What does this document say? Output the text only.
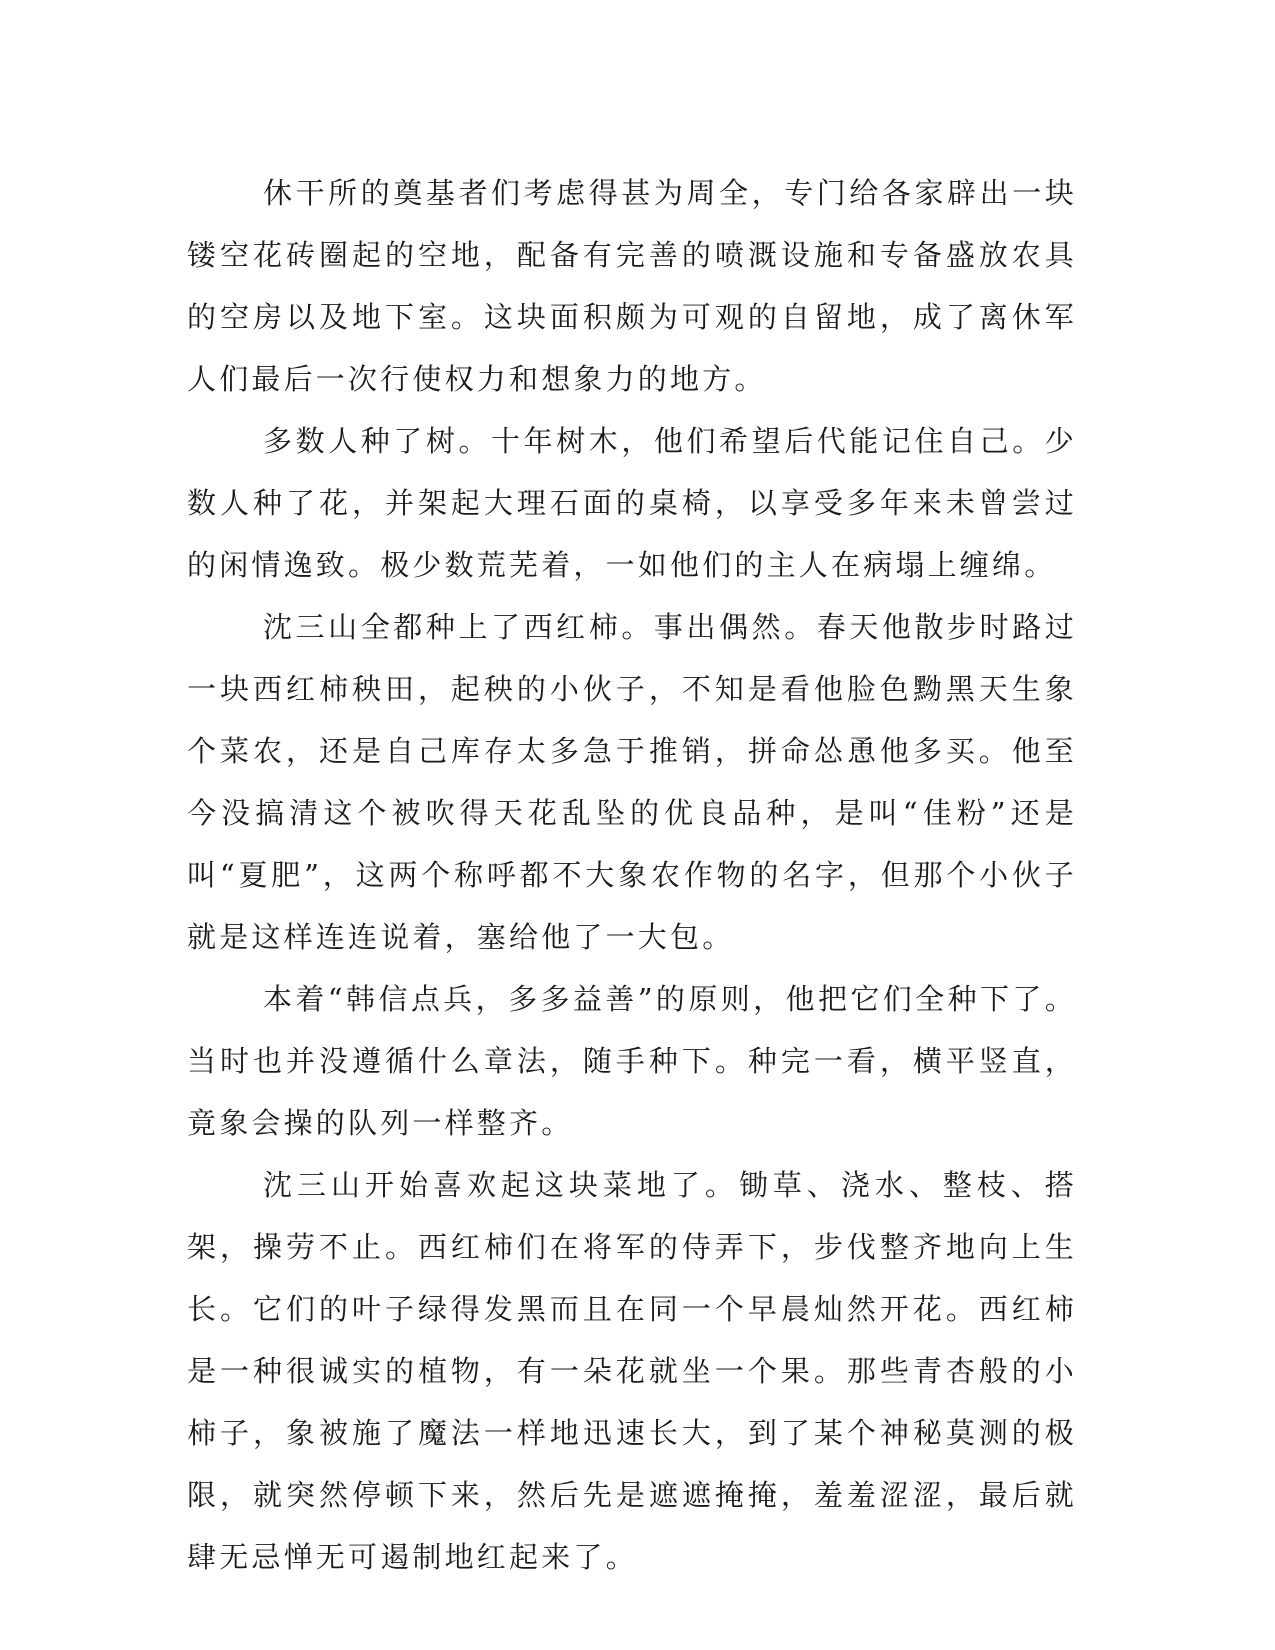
休干所的奠基者们考虑得甚为周全，专门给各家辟出一块镂空花砖圈起的空地，配备有完善的喷溉设施和专备盛放农具的空房以及地下室。这块面积颇为可观的自留地，成了离休军人们最后一次行使权力和想象力的地方。

多数人种了树。十年树木，他们希望后代能记住自己。少数人种了花，并架起大理石面的桌椅，以享受多年来未曾尝过的闲情逸致。极少数荒芜着，一如他们的主人在病塌上缠绵。

沈三山全都种上了西红柿。事出偶然。春天他散步时路过一块西红柿秧田，起秧的小伙子，不知是看他脸色黝黑天生象个菜农，还是自己库存太多急于推销，拼命怂恿他多买。他至今没搞清这个被吹得天花乱坠的优良品种，是叫“佳粉”还是叫“夏肥”，这两个称呼都不大象农作物的名字，但那个小伙子就是这样连连说着，塞给他了一大包。

本着“韩信点兵，多多益善”的原则，他把它们全种下了。当时也并没遵循什么章法，随手种下。种完一看，横平竖直，竟象会操的队列一样整齐。

沈三山开始喜欢起这块菜地了。锄草、浇水、整枝、搭架，操劳不止。西红柿们在将军的侍弄下，步伐整齐地向上生长。它们的叶子绿得发黑而且在同一个早晨灿然开花。西红柿是一种很诚实的植物，有一朵花就坐一个果。那些青杏般的小柿子，象被施了魔法一样地迅速长大，到了某个神秘莫测的极限，就突然停顿下来，然后先是遮遮掩掩，羞羞涩涩，最后就肆无忌惮无可遏制地红起来了。
